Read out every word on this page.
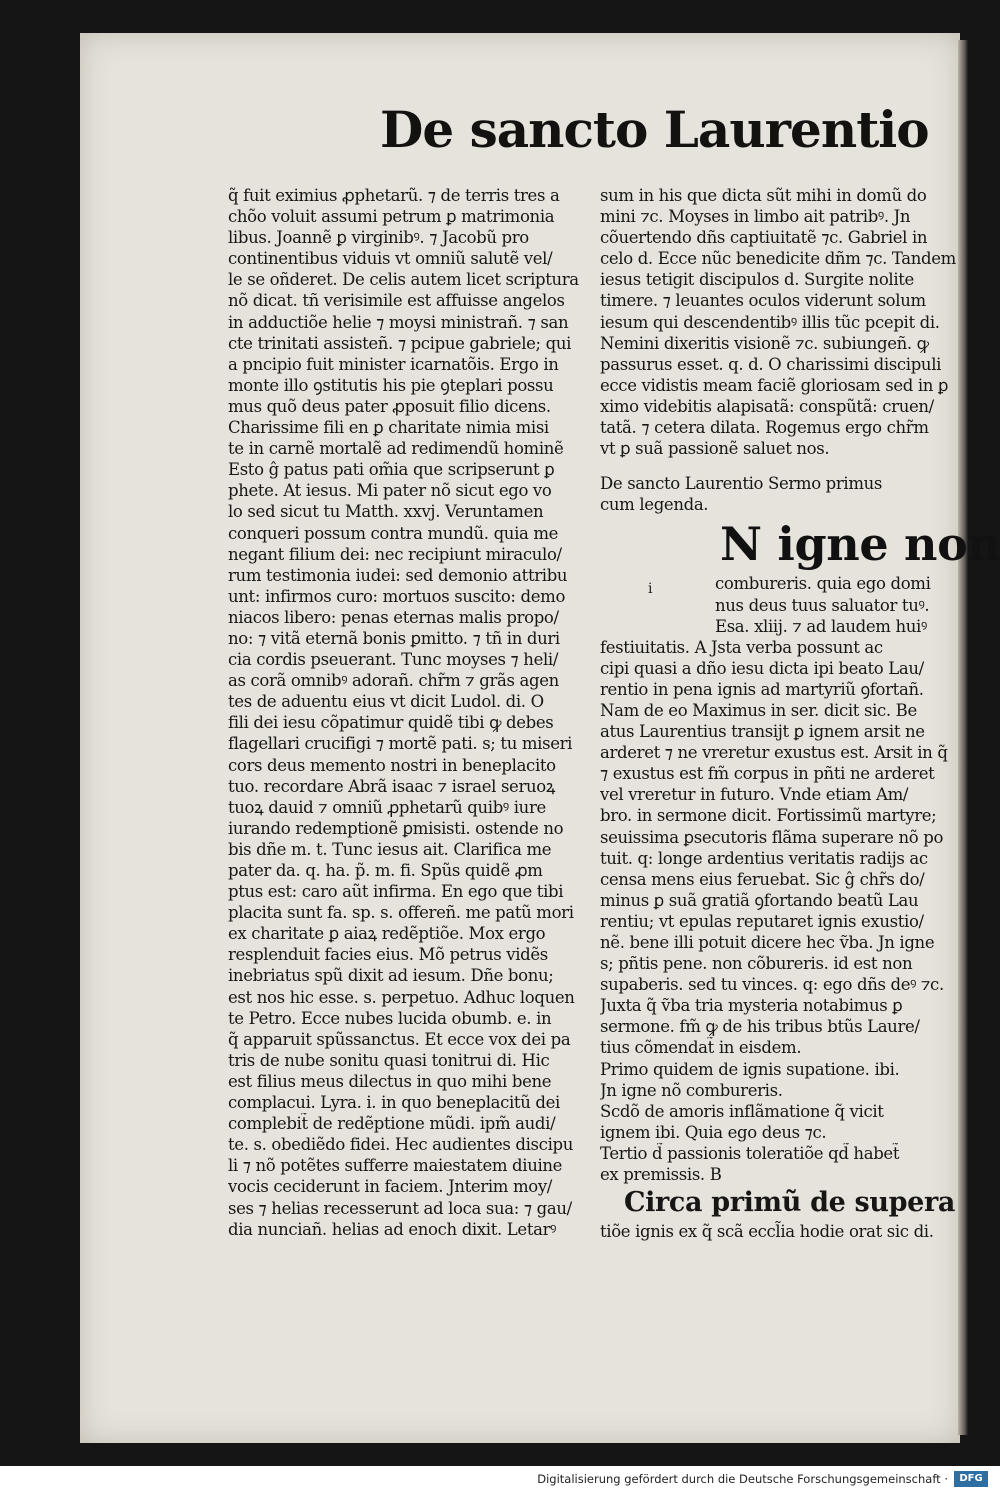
De sancto Laurentio
q̃ fuit eximius ꝓphetarũ. ⁊ de terris tres a
chõo voluit assumi petrum ꝑ matrimonia
libus. Joannẽ ꝑ virginibꝰ. ⁊ Jacobũ pro
continentibus viduis vt omniũ salutẽ vel/
le se oñderet. De celis autem licet scriptura
nõ dicat. tñ verisimile est affuisse angelos
in adductiõe helie ⁊ moysi ministrañ. ⁊ san
cte trinitati assisteñ. ⁊ pcipue gabriele; qui
a pncipio fuit minister icarnatõis. Ergo in
monte illo ꝯstitutis his pie ꝯteplari possu
mus quõ deus pater ꝓposuit filio dicens.
Charissime fili en ꝑ charitate nimia misi
te in carnẽ mortalẽ ad redimendũ hominẽ
Esto ĝ patus pati om̃ia que scripserunt ꝑ
phete. At iesus. Mi pater nõ sicut ego vo
lo sed sicut tu Matth. xxvj. Veruntamen
conqueri possum contra mundũ. quia me
negant filium dei: nec recipiunt miraculo/
rum testimonia iudei: sed demonio attribu
unt: infirmos curo: mortuos suscito: demo
niacos libero: penas eternas malis propo/
no: ⁊ vitã eternã bonis ꝑmitto. ⁊ tñ in duri
cia cordis pseuerant. Tunc moyses ⁊ heli/
as corã omnibꝰ adorañ. chr̃m ⁊ grãs agen
tes de aduentu eius vt dicit Ludol. di. O
fili dei iesu cõpatimur quidẽ tibi ꝙ debes
flagellari crucifigi ⁊ mortẽ pati. s; tu miseri
cors deus memento nostri in beneplacito
tuo. recordare Abrã isaac ⁊ israel seruoꝝ
tuoꝝ dauid ⁊ omniũ ꝓphetarũ quibꝰ iure
iurando redemptionẽ ꝑmisisti. ostende no
bis dñe m. t. Tunc iesus ait. Clarifica me
pater da. q. ha. p̃. m. fi. Spũs quidẽ ꝓm
ptus est: caro aũt infirma. En ego que tibi
placita sunt fa. sp. s. offereñ. me patũ mori
ex charitate ꝑ aiaꝝ redẽptiõe. Mox ergo
resplenduit facies eius. Mõ petrus vidẽs
inebriatus spũ dixit ad iesum. Dñe bonu;
est nos hic esse. s. perpetuo. Adhuc loquen
te Petro. Ecce nubes lucida obumb. e. in
q̃ apparuit spũssanctus. Et ecce vox dei pa
tris de nube sonitu quasi tonitrui di. Hic
est filius meus dilectus in quo mihi bene
complacui. Lyra. i. in quo beneplacitũ dei
complebit̃ de redẽptione mũdi. ipm̃ audi/
te. s. obediẽdo fidei. Hec audientes discipu
li ⁊ nõ potẽtes sufferre maiestatem diuine
vocis ceciderunt in faciem. Jnterim moy/
ses ⁊ helias recesserunt ad loca sua: ⁊ gau/
dia nunciañ. helias ad enoch dixit. Letarꝰ
sum in his que dicta sũt mihi in domũ do
mini ⁊c. Moyses in limbo ait patribꝰ. Jn
cõuertendo dñs captiuitatẽ ⁊c. Gabriel in
celo d. Ecce nũc benedicite dñm ⁊c. Tandem
iesus tetigit discipulos d. Surgite nolite
timere. ⁊ leuantes oculos viderunt solum
iesum qui descendentibꝰ illis tũc pcepit di.
Nemini dixeritis visionẽ ⁊c. subiungeñ. ꝙ
passurus esset. q. d. O charissimi discipuli
ecce vidistis meam faciẽ gloriosam sed in ꝑ
ximo videbitis alapisatã: conspũtã: cruen/
tatã. ⁊ cetera dilata. Rogemus ergo chr̃m
vt ꝑ suã passionẽ saluet nos.
De sancto Laurentio Sermo primus
cum legenda.
N igne non
i	combureris. quia ego domi
nus deus tuus saluator tuꝰ.
Esa. xliij. ⁊ ad laudem huiꝰ
festiuitatis. A Jsta verba possunt ac
cipi quasi a dño iesu dicta ipi beato Lau/
rentio in pena ignis ad martyriũ ꝯfortañ.
Nam de eo Maximus in ser. dicit sic. Be
atus Laurentius transijt ꝑ ignem arsit ne
arderet ⁊ ne vreretur exustus est. Arsit in q̃
⁊ exustus est fm̃ corpus in pñti ne arderet
vel vreretur in futuro. Vnde etiam Am/
bro. in sermone dicit. Fortissimũ martyre;
seuissima ꝑsecutoris flãma superare nõ po
tuit. q: longe ardentius veritatis radijs ac
censa mens eius feruebat. Sic ĝ chr̃s do/
minus ꝑ suã gratiã ꝯfortando beatũ Lau
rentiu; vt epulas reputaret ignis exustio/
nẽ. bene illi potuit dicere hec ṽba. Jn igne
s; pñtis pene. non cõbureris. id est non
supaberis. sed tu vinces. q: ego dñs deꝰ ⁊c.
Juxta q̃ ṽba tria mysteria notabimus ꝑ
sermone. fm̃ ꝙ de his tribus btũs Laure/
tius cõmendat̃ in eisdem.
Primo quidem de ignis supatione. ibi.
Jn igne nõ combureris.
Scdõ de amoris inflãmatione q̃ vicit
ignem ibi. Quia ego deus ⁊c.
Tertio d̃ passionis toleratiõe qd̃ habet̃
ex premissis. B
Circa primũ de supera
tiõe ignis ex q̃ scã eccl̃ia hodie orat sic di.
Digitalisierung gefördert durch die Deutsche Forschungsgemeinschaft ·	DFG
